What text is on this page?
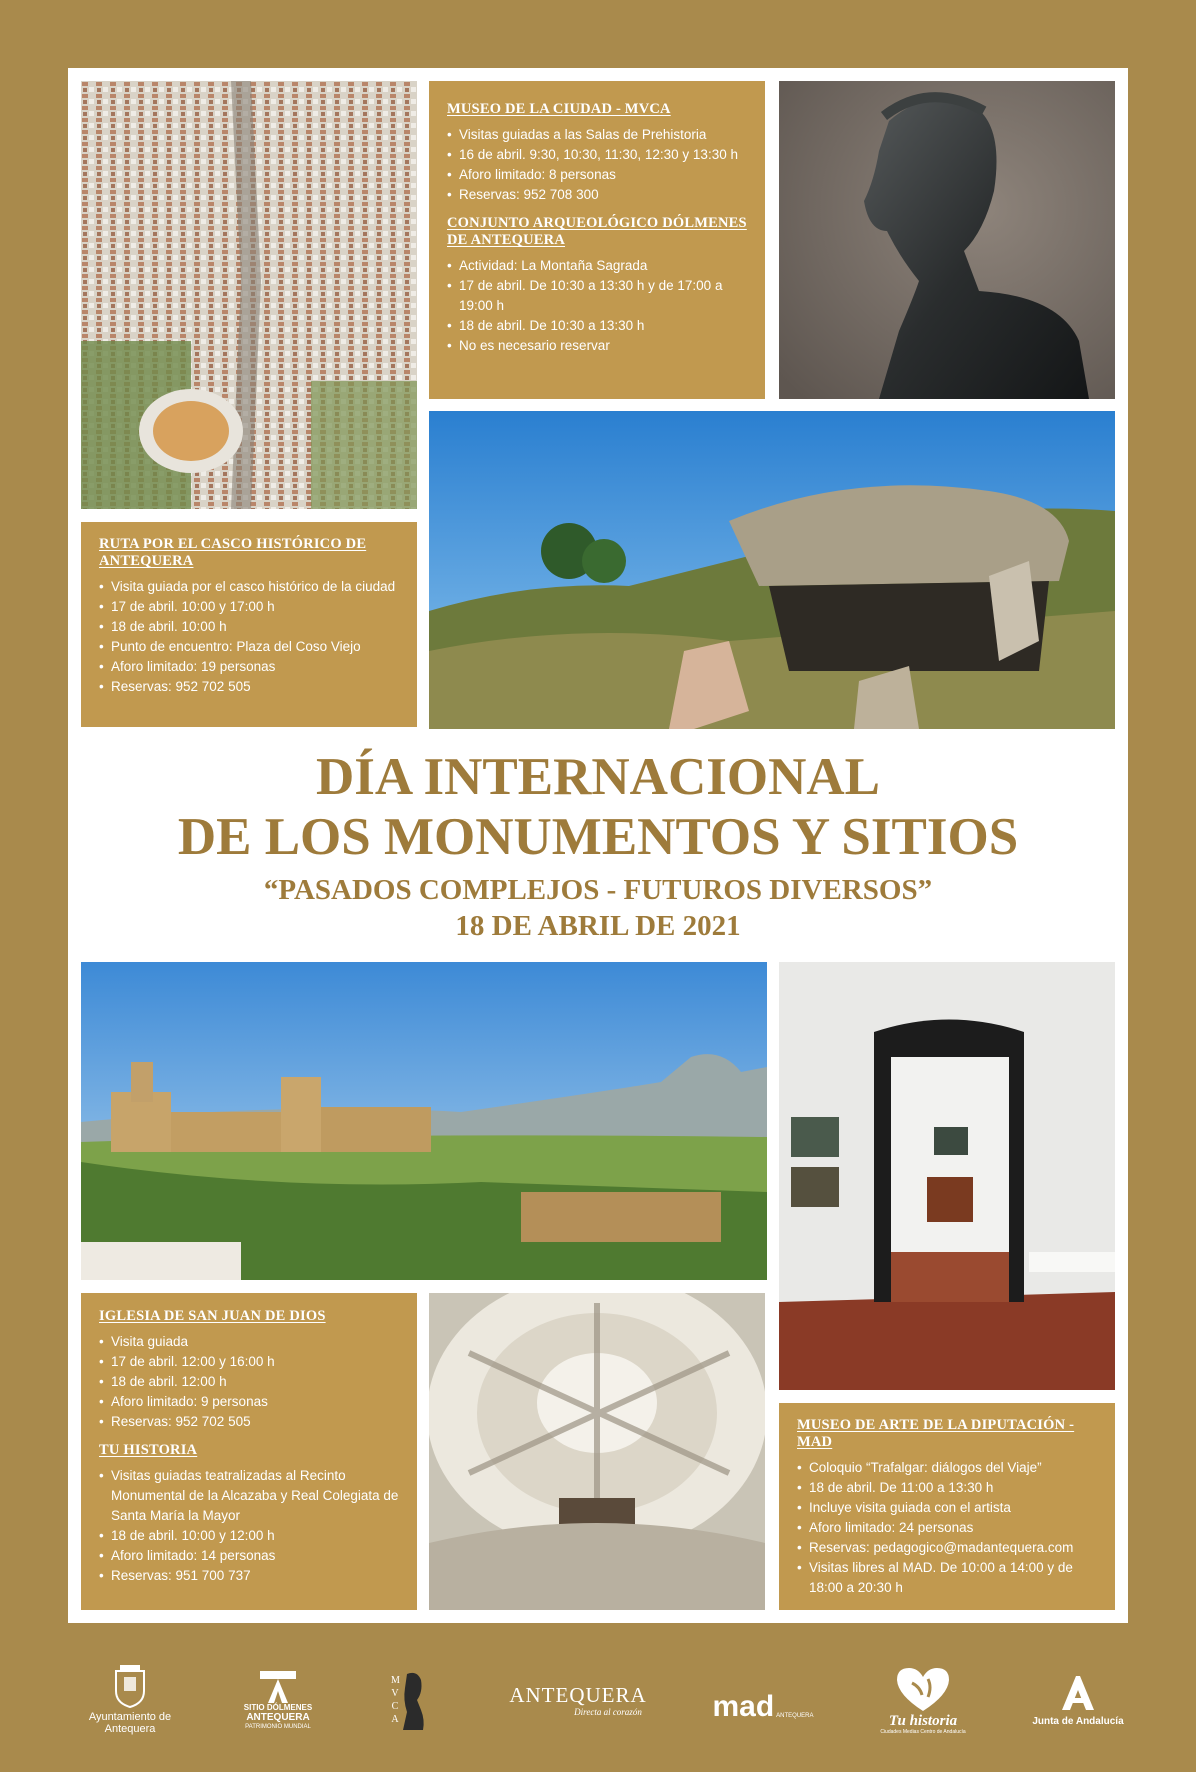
MUSEO DE LA CIUDAD - MVCA
• Visitas guiadas a las Salas de Prehistoria
• 16 de abril. 9:30, 10:30, 11:30, 12:30 y 13:30 h
• Aforo limitado: 8 personas
• Reservas: 952 708 300
CONJUNTO ARQUEOLÓGICO DÓLMENES DE ANTEQUERA
• Actividad: La Montaña Sagrada
• 17 de abril. De 10:30 a 13:30 h y de 17:00 a 19:00 h
• 18 de abril. De 10:30 a 13:30 h
• No es necesario reservar
RUTA POR EL CASCO HISTÓRICO DE ANTEQUERA
• Visita guiada por el casco histórico de la ciudad
• 17 de abril. 10:00 y 17:00 h
• 18 de abril. 10:00 h
• Punto de encuentro: Plaza del Coso Viejo
• Aforo limitado: 19 personas
• Reservas: 952 702 505
DÍA INTERNACIONAL
DE LOS MONUMENTOS Y SITIOS
“PASADOS COMPLEJOS - FUTUROS DIVERSOS”
18 DE ABRIL DE 2021
IGLESIA DE SAN JUAN DE DIOS
• Visita guiada
• 17 de abril. 12:00 y 16:00 h
• 18 de abril. 12:00 h
• Aforo limitado: 9 personas
• Reservas: 952 702 505
TU HISTORIA
• Visitas guiadas teatralizadas al Recinto Monumental de la Alcazaba y Real Colegiata de Santa María la Mayor
• 18 de abril. 10:00 y 12:00 h
• Aforo limitado: 14 personas
• Reservas: 951 700 737
MUSEO DE ARTE DE LA DIPUTACIÓN - MAD
• Coloquio “Trafalgar: diálogos del Viaje”
• 18 de abril. De 11:00 a 13:30 h
• Incluye visita guiada con el artista
• Aforo limitado: 24 personas
• Reservas: pedagogico@madantequera.com
• Visitas libres al MAD. De 10:00 a 14:00 y de 18:00 a 20:30 h
Ayuntamiento de Antequera
SITIO DÓLMENES
ANTEQUERA
PATRIMONIO MUNDIAL
MVCA
ANTEQUERA
Directa al corazón mad ANTEQUERA	Tu historia
Ciudades Medias Centro de Andalucía
Junta de Andalucía
